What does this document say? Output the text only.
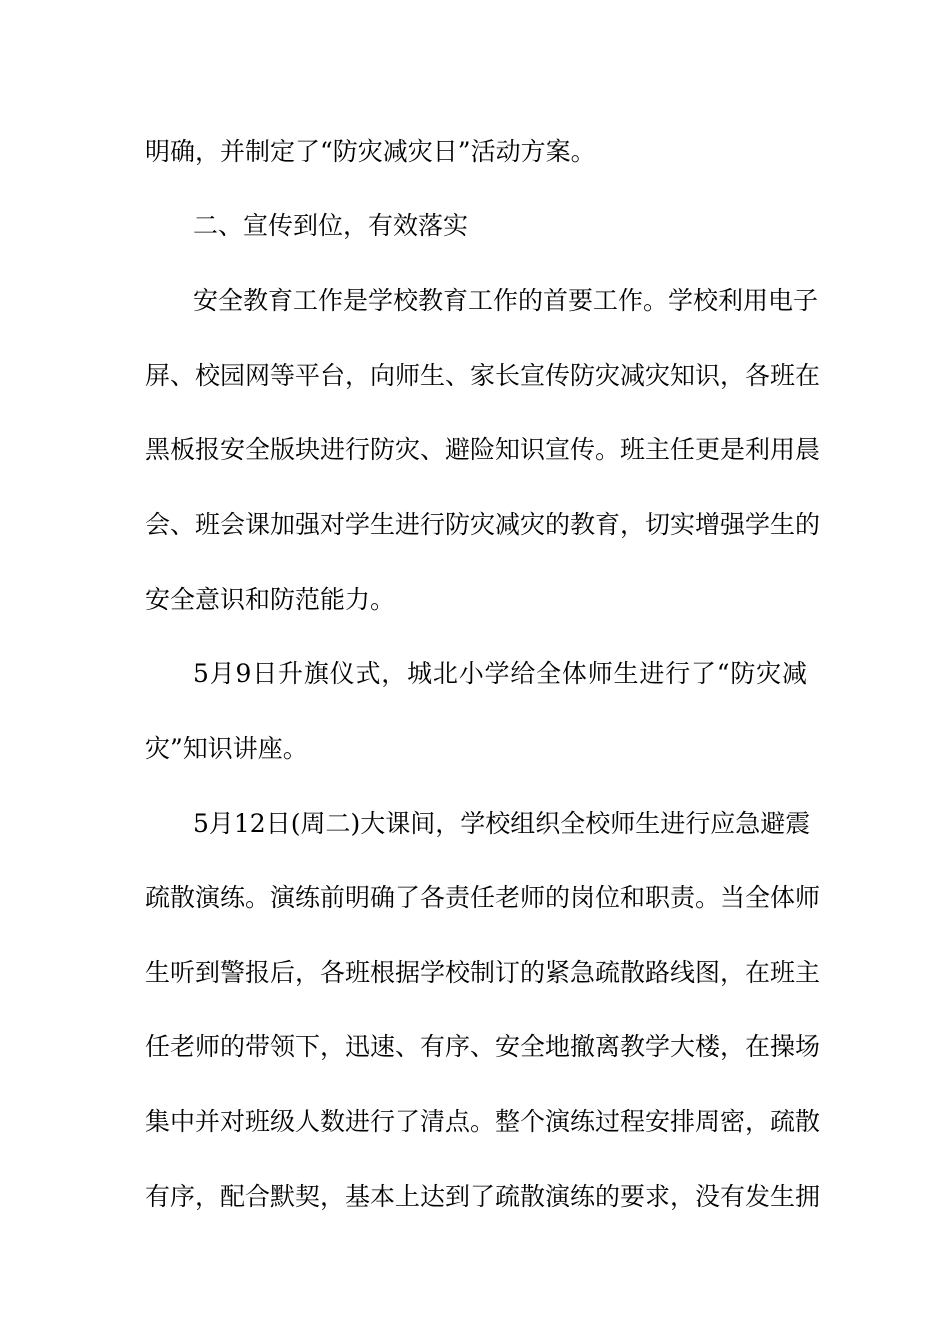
明确，并制定了“防灾减灾日”活动方案。
二、宣传到位，有效落实
安全教育工作是学校教育工作的首要工作。学校利用电子
屏、校园网等平台，向师生、家长宣传防灾减灾知识，各班在
黑板报安全版块进行防灾、避险知识宣传。班主任更是利用晨
会、班会课加强对学生进行防灾减灾的教育，切实增强学生的
安全意识和防范能力。
5月9日升旗仪式，城北小学给全体师生进行了“防灾减
灾”知识讲座。
5月12日(周二)大课间，学校组织全校师生进行应急避震
疏散演练。演练前明确了各责任老师的岗位和职责。当全体师
生听到警报后，各班根据学校制订的紧急疏散路线图，在班主
任老师的带领下，迅速、有序、安全地撤离教学大楼，在操场
集中并对班级人数进行了清点。整个演练过程安排周密，疏散
有序，配合默契，基本上达到了疏散演练的要求，没有发生拥
